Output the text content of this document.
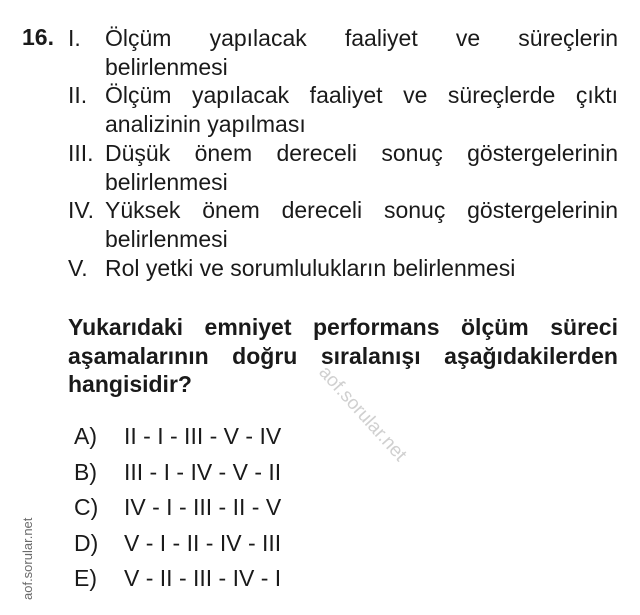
16. I.	Ölçüm yapılacak faaliyet ve süreçlerin belirlenmesi
II. Ölçüm yapılacak faaliyet ve süreçlerde çıktı analizinin yapılması
III. Düşük önem dereceli sonuç göstergelerinin belirlenmesi
IV. Yüksek önem dereceli sonuç göstergelerinin belirlenmesi
V. Rol yetki ve sorumlulukların belirlenmesi
Yukarıdaki emniyet performans ölçüm süreci aşamalarının doğru sıralanışı aşağıdakilerden hangisidir?
A)	II - I - III - V - IV
B)	III - I - IV - V - II
C)	IV - I - III - II - V
D)	V - I - II - IV - III
E)	V - II - III - IV - I
aof.sorular.net
aof.sorular.net
